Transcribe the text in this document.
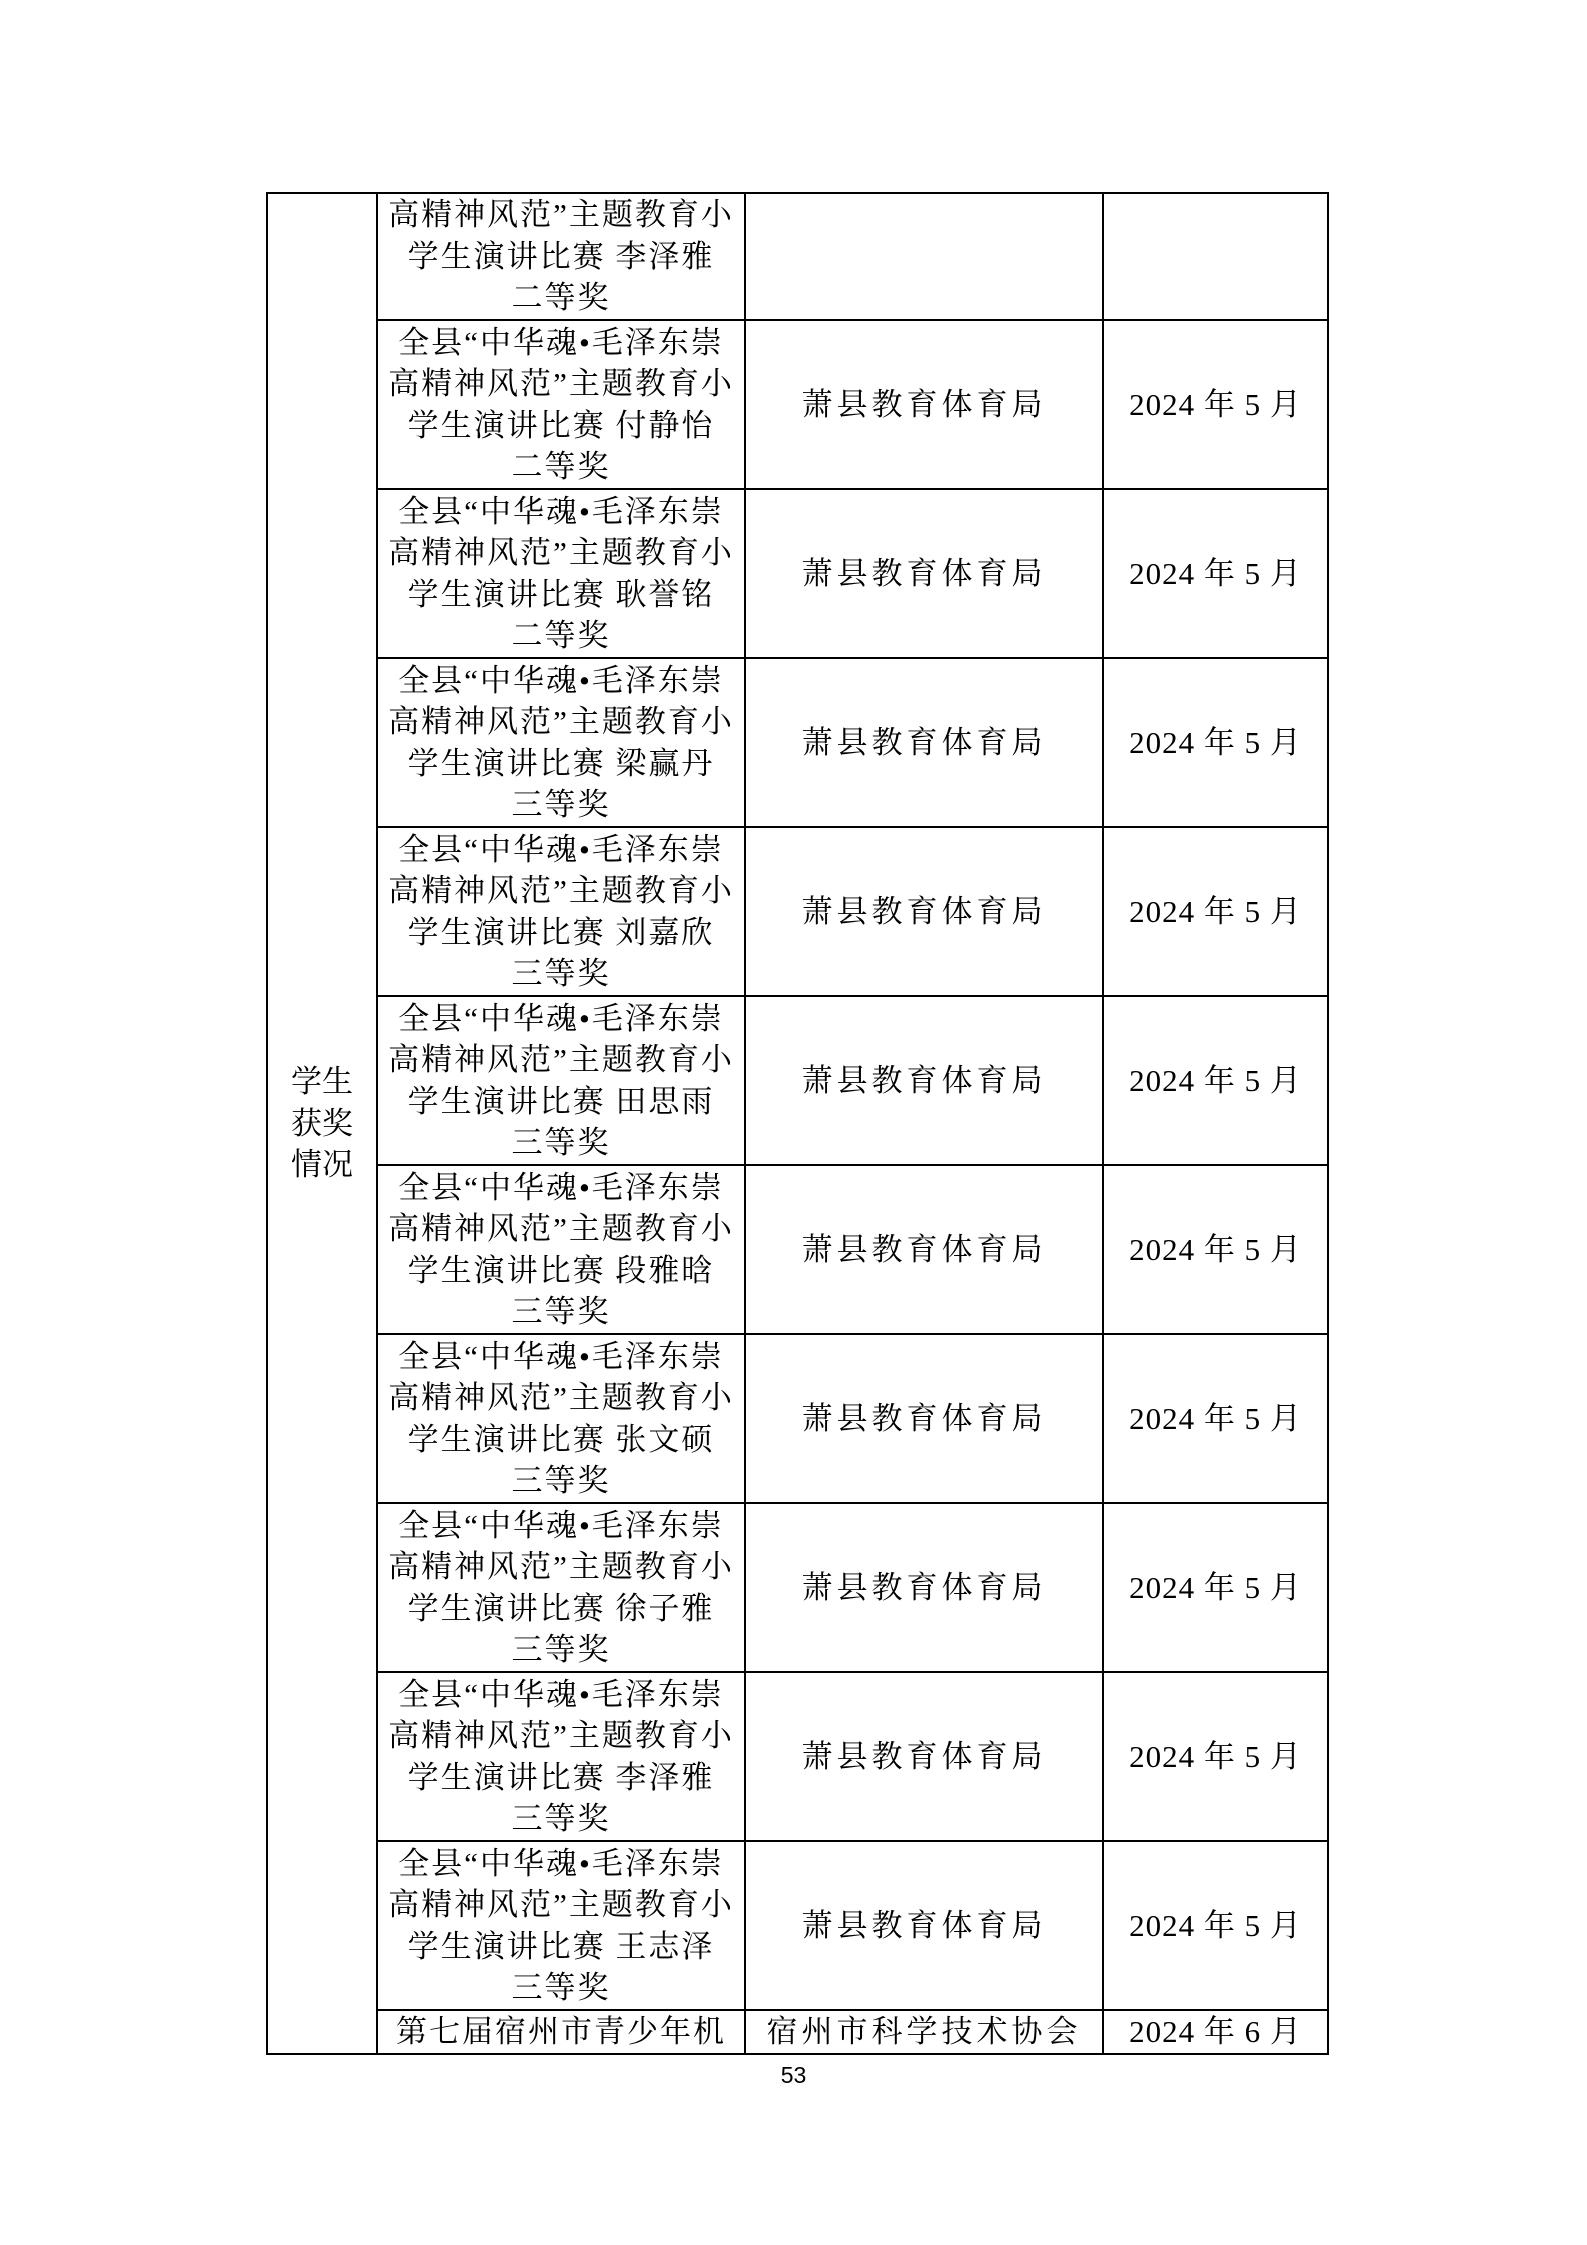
学生
获奖
情况	高精神风范”主题教育小
学生演讲比赛 李泽雅
二等奖		

	全县“中华魂•毛泽东崇
高精神风范”主题教育小
学生演讲比赛 付静怡
二等奖	萧县教育体育局	2024 年 5 月

	全县“中华魂•毛泽东崇
高精神风范”主题教育小
学生演讲比赛 耿誉铭
二等奖	萧县教育体育局	2024 年 5 月

	全县“中华魂•毛泽东崇
高精神风范”主题教育小
学生演讲比赛 梁赢丹
三等奖	萧县教育体育局	2024 年 5 月

	全县“中华魂•毛泽东崇
高精神风范”主题教育小
学生演讲比赛 刘嘉欣
三等奖	萧县教育体育局	2024 年 5 月

	全县“中华魂•毛泽东崇
高精神风范”主题教育小
学生演讲比赛 田思雨
三等奖	萧县教育体育局	2024 年 5 月

	全县“中华魂•毛泽东崇
高精神风范”主题教育小
学生演讲比赛 段雅晗
三等奖	萧县教育体育局	2024 年 5 月

	全县“中华魂•毛泽东崇
高精神风范”主题教育小
学生演讲比赛 张文硕
三等奖	萧县教育体育局	2024 年 5 月

	全县“中华魂•毛泽东崇
高精神风范”主题教育小
学生演讲比赛 徐子雅
三等奖	萧县教育体育局	2024 年 5 月

	全县“中华魂•毛泽东崇
高精神风范”主题教育小
学生演讲比赛 李泽雅
三等奖	萧县教育体育局	2024 年 5 月

	全县“中华魂•毛泽东崇
高精神风范”主题教育小
学生演讲比赛 王志泽
三等奖	萧县教育体育局	2024 年 5 月

	第七届宿州市青少年机	宿州市科学技术协会	2024 年 6 月
53
